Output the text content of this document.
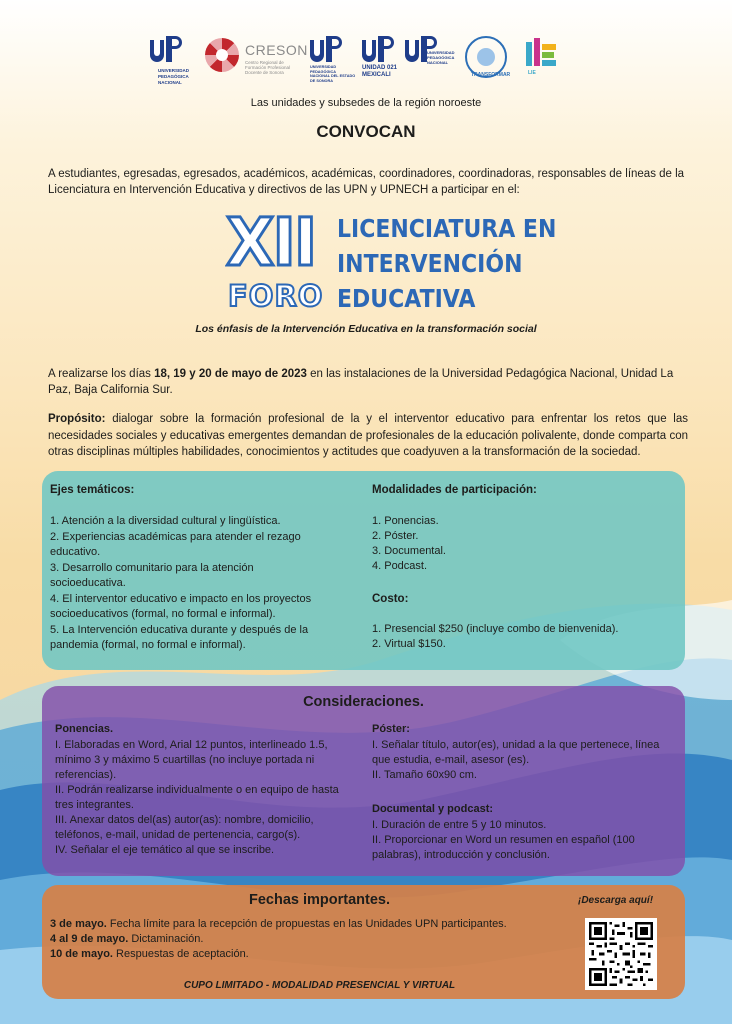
UNIVERSIDAD PEDAGÓGICA NACIONAL
CRESON
Centro Regional de Formación Profesional Docente de Sonora
UNIVERSIDAD PEDAGÓGICA NACIONAL DEL ESTADO DE SONORA
UNIDAD 021 MEXICALI
UNIVERSIDAD PEDAGÓGICA NACIONAL
TRANSFORMAR	LIE

Las unidades y subsedes de la región noroeste

CONVOCAN

A estudiantes, egresadas, egresados, académicos, académicas, coordinadores, coordinadoras, responsables de líneas de la Licenciatura en Intervención Educativa y directivos de las UPN y UPNECH a participar en el:

XII
FORO
LICENCIATURA EN
INTERVENCIÓN
EDUCATIVA

Los énfasis de la Intervención Educativa en la transformación social

A realizarse los días 18, 19 y 20 de mayo de 2023 en las instalaciones de la Universidad Pedagógica Nacional, Unidad La Paz, Baja California Sur.

Propósito: dialogar sobre la formación profesional de la y el interventor educativo para enfrentar los retos que las necesidades sociales y educativas emergentes demandan de profesionales de la educación polivalente, donde comparta con otras disciplinas múltiples habilidades, conocimientos y actitudes que coadyuven a la transformación de la sociedad.

Ejes temáticos:
1. Atención a la diversidad cultural y lingüística.
2. Experiencias académicas para atender el rezago educativo.
3. Desarrollo comunitario para la atención socioeducativa.
4. El interventor educativo e impacto en los proyectos socioeducativos (formal, no formal e informal).
5. La Intervención educativa durante y después de la pandemia (formal, no formal e informal).
Modalidades de participación:
1. Ponencias.
2. Póster.
3. Documental.
4. Podcast.
Costo:
1. Presencial $250 (incluye combo de bienvenida).
2. Virtual $150.
Consideraciones.
Ponencias.
I. Elaboradas en Word, Arial 12 puntos, interlineado 1.5, mínimo 3 y máximo 5 cuartillas (no incluye portada ni referencias).
II. Podrán realizarse individualmente o en equipo de hasta tres integrantes.
III. Anexar datos del(as) autor(as): nombre, domicilio, teléfonos, e-mail, unidad de pertenencia, cargo(s).
IV. Señalar el eje temático al que se inscribe.
Póster:
I. Señalar título, autor(es), unidad a la que pertenece, línea que estudia, e-mail, asesor (es).
II. Tamaño 60x90 cm.
Documental y podcast:
I. Duración de entre 5 y 10 minutos.
II. Proporcionar en Word un resumen en español (100 palabras), introducción y conclusión.
Fechas importantes.
3 de mayo. Fecha límite para la recepción de propuestas en las Unidades UPN participantes.
4 al 9 de mayo. Dictaminación.
10 de mayo. Respuestas de aceptación.
CUPO LIMITADO - MODALIDAD PRESENCIAL Y VIRTUAL
¡Descarga aquí!
